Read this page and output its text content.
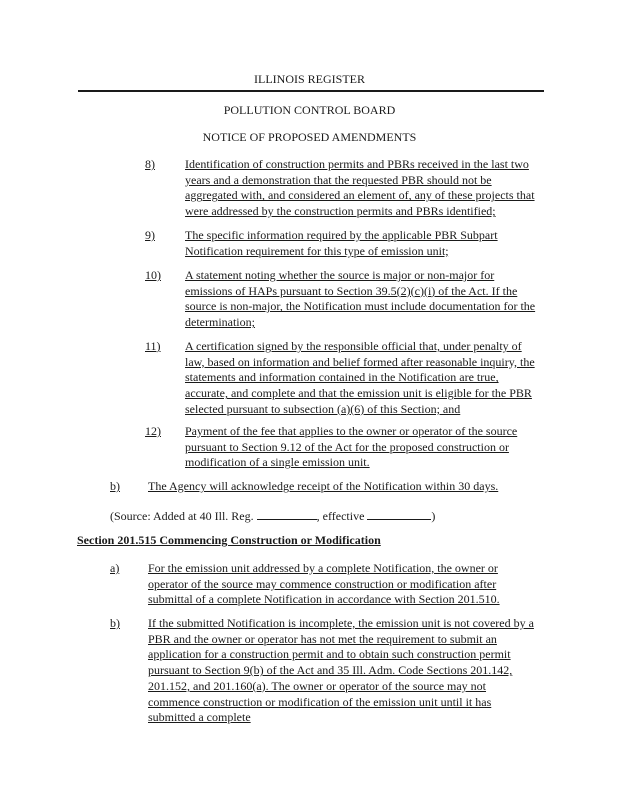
ILLINOIS REGISTER
POLLUTION CONTROL BOARD
NOTICE OF PROPOSED AMENDMENTS
8)	Identification of construction permits and PBRs received in the last two years and a demonstration that the requested PBR should not be aggregated with, and considered an element of, any of these projects that were addressed by the construction permits and PBRs identified;
9)	The specific information required by the applicable PBR Subpart Notification requirement for this type of emission unit;
10) A statement noting whether the source is major or non-major for emissions of HAPs pursuant to Section 39.5(2)(c)(i) of the Act. If the source is non-major, the Notification must include documentation for the determination;
11) A certification signed by the responsible official that, under penalty of law, based on information and belief formed after reasonable inquiry, the statements and information contained in the Notification are true, accurate, and complete and that the emission unit is eligible for the PBR selected pursuant to subsection (a)(6) of this Section; and
12) Payment of the fee that applies to the owner or operator of the source pursuant to Section 9.12 of the Act for the proposed construction or modification of a single emission unit.
b) The Agency will acknowledge receipt of the Notification within 30 days.
(Source: Added at 40 Ill. Reg.	, effective	)
Section 201.515 Commencing Construction or Modification
a) For the emission unit addressed by a complete Notification, the owner or operator of the source may commence construction or modification after submittal of a complete Notification in accordance with Section 201.510.
b) If the submitted Notification is incomplete, the emission unit is not covered by a PBR and the owner or operator has not met the requirement to submit an application for a construction permit and to obtain such construction permit pursuant to Section 9(b) of the Act and 35 Ill. Adm. Code Sections 201.142, 201.152, and 201.160(a). The owner or operator of the source may not commence construction or modification of the emission unit until it has submitted a complete
